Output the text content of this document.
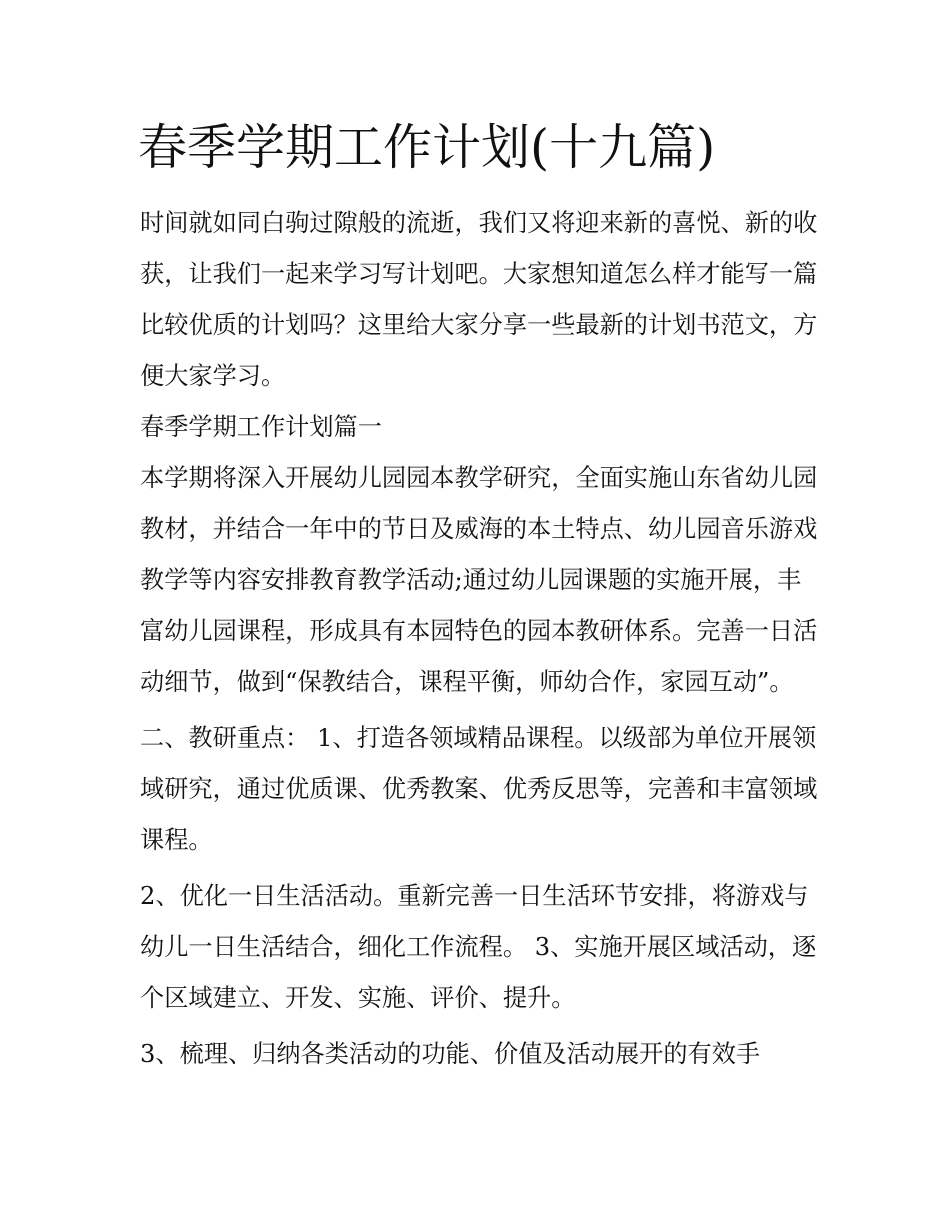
春季学期工作计划(十九篇)

时间就如同白驹过隙般的流逝，我们又将迎来新的喜悦、新的收获，让我们一起来学习写计划吧。大家想知道怎么样才能写一篇比较优质的计划吗？这里给大家分享一些最新的计划书范文，方便大家学习。

春季学期工作计划篇一

本学期将深入开展幼儿园园本教学研究，全面实施山东省幼儿园教材，并结合一年中的节日及威海的本土特点、幼儿园音乐游戏教学等内容安排教育教学活动;通过幼儿园课题的实施开展，丰富幼儿园课程，形成具有本园特色的园本教研体系。完善一日活动细节，做到“保教结合，课程平衡，师幼合作，家园互动”。

二、教研重点： 1、打造各领域精品课程。以级部为单位开展领域研究，通过优质课、优秀教案、优秀反思等，完善和丰富领域课程。

2、优化一日生活活动。重新完善一日生活环节安排，将游戏与幼儿一日生活结合，细化工作流程。 3、实施开展区域活动，逐个区域建立、开发、实施、评价、提升。

3、梳理、归纳各类活动的功能、价值及活动展开的有效手
